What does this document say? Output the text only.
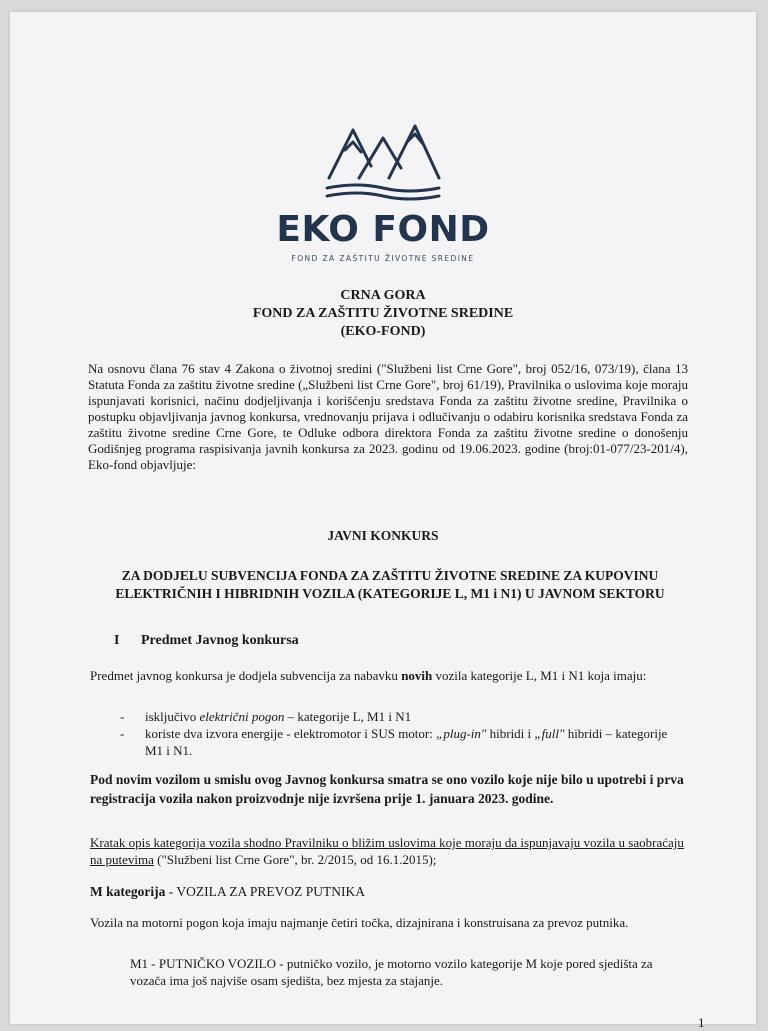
EKO FOND
FOND ZA ZAŠTITU ŽIVOTNE SREDINE
CRNA GORA
FOND ZA ZAŠTITU ŽIVOTNE SREDINE
(EKO-FOND)
Na osnovu člana 76 stav 4 Zakona o životnoj sredini ("Službeni list Crne Gore", broj 052/16, 073/19), člana 13 Statuta Fonda za zaštitu životne sredine („Službeni list Crne Gore", broj 61/19), Pravilnika o uslovima koje moraju ispunjavati korisnici, načinu dodjeljivanja i korišćenju sredstava Fonda za zaštitu životne sredine, Pravilnika o postupku objavljivanja javnog konkursa, vrednovanju prijava i odlučivanju o odabiru korisnika sredstava Fonda za zaštitu životne sredine Crne Gore, te Odluke odbora direktora Fonda za zaštitu životne sredine o donošenju Godišnjeg programa raspisivanja javnih konkursa za 2023. godinu od 19.06.2023. godine (broj:01-077/23-201/4), Eko-fond objavljuje:
JAVNI KONKURS
ZA DODJELU SUBVENCIJA FONDA ZA ZAŠTITU ŽIVOTNE SREDINE ZA KUPOVINU ELEKTRIČNIH I HIBRIDNIH VOZILA (KATEGORIJE L, M1 i N1) U JAVNOM SEKTORU
I Predmet Javnog konkursa
Predmet javnog konkursa je dodjela subvencija za nabavku novih vozila kategorije L, M1 i N1 koja imaju:
-	isključivo električni pogon – kategorije L, M1 i N1
-	koriste dva izvora energije - elektromotor i SUS motor: „plug-in" hibridi i „full" hibridi – kategorije M1 i N1.
Pod novim vozilom u smislu ovog Javnog konkursa smatra se ono vozilo koje nije bilo u upotrebi i prva registracija vozila nakon proizvodnje nije izvršena prije 1. januara 2023. godine.
Kratak opis kategorija vozila shodno Pravilniku o bližim uslovima koje moraju da ispunjavaju vozila u saobraćaju na putevima ("Službeni list Crne Gore", br. 2/2015, od 16.1.2015);
M kategorija - VOZILA ZA PREVOZ PUTNIKA
Vozila na motorni pogon koja imaju najmanje četiri točka, dizajnirana i konstruisana za prevoz putnika.
M1 - PUTNIČKO VOZILO - putničko vozilo, je motorno vozilo kategorije M koje pored sjedišta za vozača ima još najviše osam sjedišta, bez mjesta za stajanje.
1
